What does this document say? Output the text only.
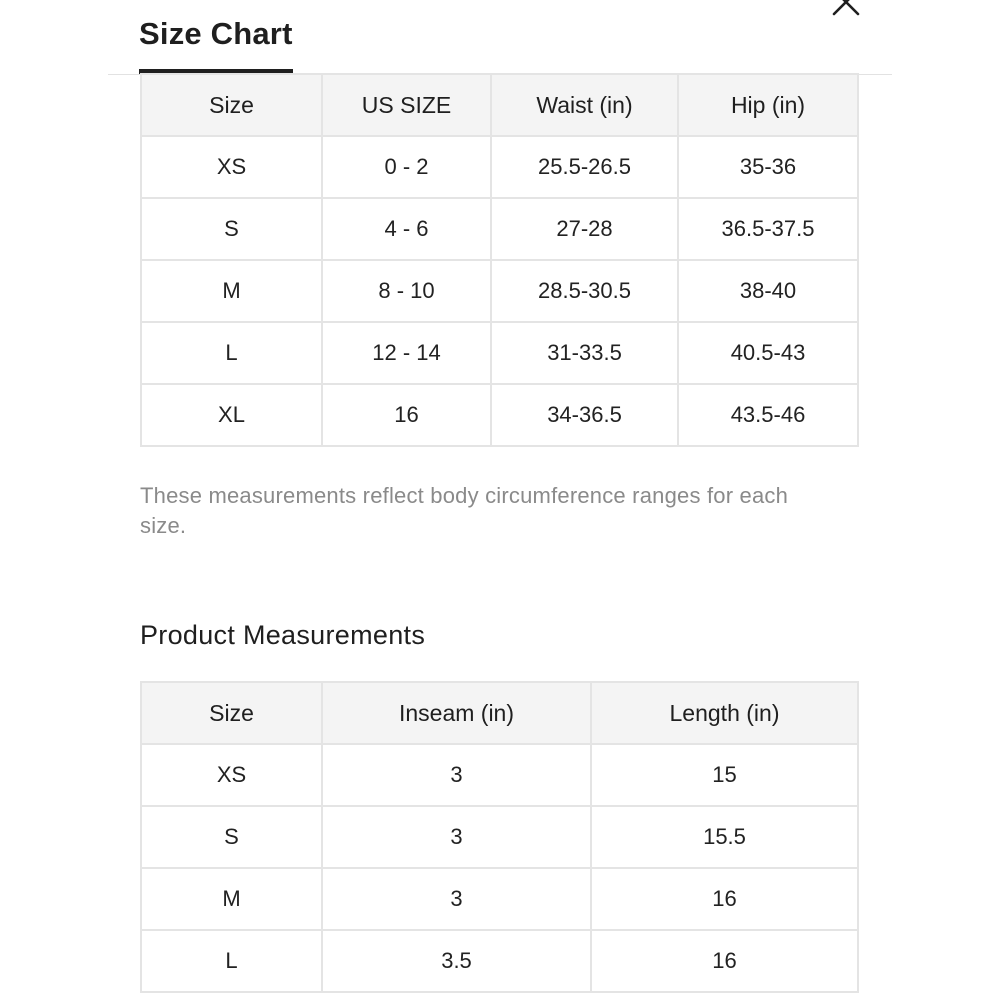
Size Chart
Size	US SIZE	Waist (in)	Hip (in)
XS	0 - 2	25.5-26.5	35-36
S	4 - 6	27-28	36.5-37.5
M	8 - 10	28.5-30.5	38-40
L	12 - 14	31-33.5	40.5-43
XL	16	34-36.5	43.5-46
These measurements reflect body circumference ranges for each size.
Product Measurements
Size	Inseam (in)	Length (in)
XS	3	15
S	3	15.5
M	3	16
L	3.5	16
